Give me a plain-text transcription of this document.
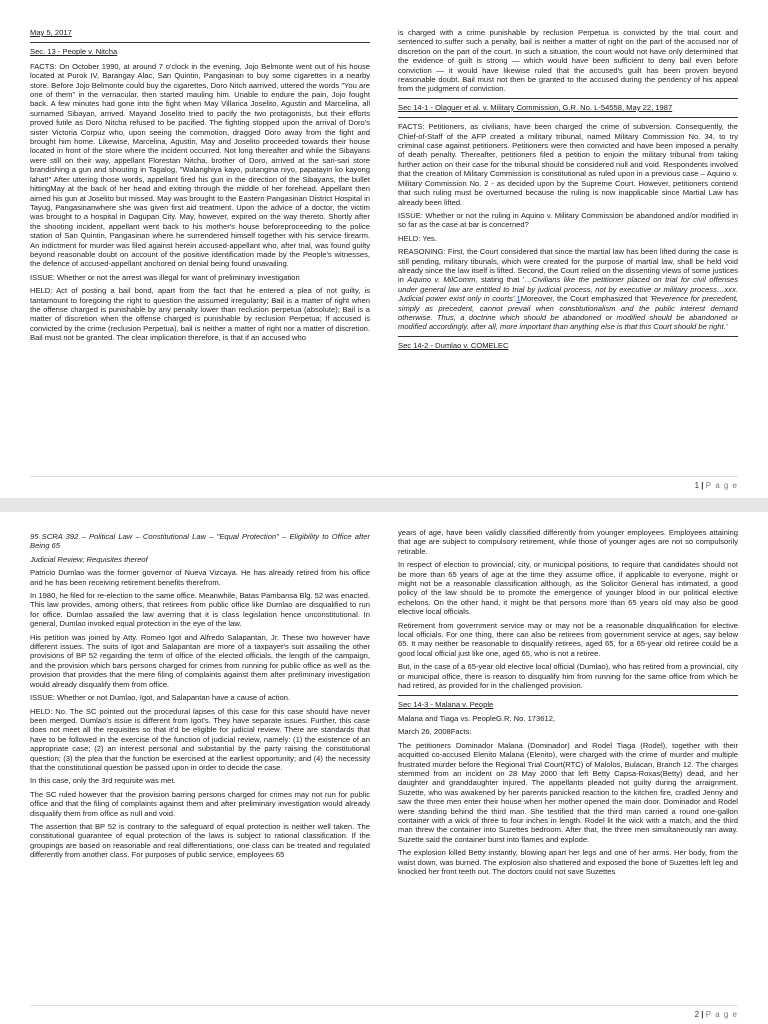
May 5, 2017

Sec. 13 - People v. Nitcha

FACTS: On October 1990, at around 7 o'clock in the evening, Jojo Belmonte went out of his house located at Purok IV, Barangay Alac, San Quintin, Pangasinan to buy some cigarettes in a nearby store. Before Jojo Belmonte could buy the cigarettes, Doro Nitch aarrived, uttered the words "You are one of them" in the vernacular, then started mauling him. Unable to endure the pain, Jojo fought back. A few minutes had gone into the fight when May Villarica Joselito, Agustin and Marcelina, all surnamed Sibayan, arrived. Mayand Joselito tried to pacify the two protagonists, but their efforts proved futile as Doro Nitcha refused to be pacified. The fighting stopped upon the arrival of Doro's sister Victoria Corpuz who, upon seeing the commotion, dragged Doro away from the fight and brought him home. Likewise, Marcelina, Agustin, May and Joselito proceeded towards their house located in front of the store where the incident occurred. Not long thereafter and while the Sibayans were still on their way, appellant Florestan Nitcha, brother of Doro, arrived at the sari-sari store brandishing a gun and shouting in Tagalog, "Walanghiya kayo, putangina niyo, papatayin ko kayong lahat!" After uttering those words, appellant fired his gun in the direction of the Sibayans, the bullet hittingMay at the back of her head and exiting through the middle of her forehead. Appellant then aimed his gun at Joselito but missed. May was brought to the Eastern Pangasinan District Hospital in Tayug, Pangasinanwhere she was given first aid treatment. Upon the advice of a doctor, the victim was brought to a hospital in Dagupan City. May, however, expired on the way thereto. Shortly after the shooting incident, appellant went back to his mother's house beforeproceeding to the police station of San Quintin, Pangasinan where he surrendered himself together with his service firearm. An indictment for murder was filed against herein accused-appellant who, after trial, was found guilty beyond reasonable doubt on account of the positive identification made by the People's witnesses, the defence of accused-appellant anchored on denial being found unavailing.

ISSUE: Whether or not the arrest was illegal for want of preliminary investigation

HELD: Act of posting a bail bond, apart from the fact that he entered a plea of not guilty, is tantamount to foregoing the right to question the assumed irregularity; Bail is a matter of right when the offense charged is punishable by any penalty lower than reclusion perpetua (absolute); Bail is a matter of discretion when the offense charged is punishable by reclusion Perpetua; If accused is convicted by the crime (reclusion Perpetua), bail is neither a matter of right nor a matter of discretion. Bail must not be granted. The clear implication therefore, is that if an accused who

is charged with a crime punishable by reclusion Perpetua is convicted by the trial court and sentenced to suffer such a penalty, bail is neither a matter of right on the part of the accused nor of discretion on the part of the court. In such a situation, the court would not have only determined that the evidence of guilt is strong — which would have been sufficient to deny bail even before conviction — it would have likewise ruled that the accused's guilt has been proven beyond reasonable doubt. Bail must not then be granted to the accused during the pendency of his appeal from the judgment of conviction.

Sec 14-1 - Olaguer et al. v. Military Commission, G.R. No. L-54558, May 22, 1987

FACTS: Petitioners, as civilians, have been charged the crime of subversion. Consequently, the Chief-of-Staff of the AFP created a military tribunal, named Military Commission No. 34, to try criminal case against petitioners. Petitioners were then convicted and have been imposed a penalty of death penalty. Thereafter, petitioners filed a petition to enjoin the military tribunal from taking further action on their case for the tribunal should be considered null and void. Respondents involved that the creation of Military Commission is constitutional as ruled upon in a previous case – Aquino v. Military Commission No. 2 - as decided upon by the Supreme Court. However, petitioners contend that such ruling must be overturned because the ruling is now inapplicable since Martial Law has already been lifted.

ISSUE: Whether or not the ruling in Aquino v. Military Commission be abandoned and/or modified in so far as the case at bar is concerned?

HELD: Yes.

REASONING: First, the Court considered that since the martial law has been lifted during the case is still pending, military tibunals, which were created for the purpose of martial law, shall be held void already since the law itself is lifted. Second, the Court relied on the dissenting views of some justices in Aquino v. MilComm, stating that '…Civilians like the petitioner placed on trial for civil offenses under general law are entitled to trial by judicial process, not by executive or military process…xxx. Judicial power exist only in courts'.1Moreover, the Court emphasized that 'Reverence for precedent, simply as precedent, cannot prevail when constitutionalism and the public interest demand otherwise. Thus, a doctrine which should be abandoned or modified should be abandoned or modified accordingly. after all, more important than anything else is that this Court should be right.'

Sec 14-2 - Dumlao v. COMELEC

1 | P a g e

95 SCRA 392 – Political Law – Constitutional Law – "Equal Protection" – Eligibility to Office after Being 65

Judicial Review; Requisites thereof

Patricio Dumlao was the former governor of Nueva Vizcaya. He has already retired from his office and he has been receiving retirement benefits therefrom.

In 1980, he filed for re-election to the same office. Meanwhile, Batas Pambansa Blg. 52 was enacted. This law provides, among others, that retirees from public office like Dumlao are disqualified to run for office. Dumlao assailed the law averring that it is class legislation hence unconstitutional. In general, Dumlao invoked equal protection in the eye of the law.

His petition was joined by Atty. Romeo Igot and Alfredo Salapantan, Jr. These two however have different issues. The suits of Igot and Salapantan are more of a taxpayer's suit assailing the other provisions of BP 52 regarding the term of office of the elected officials, the length of the campaign, and the provision which bars persons charged for crimes from running for public office as well as the provision that provides that the mere filing of complaints against them after preliminary investigation would already disqualify them from office.

ISSUE: Whether or not Dumlao, Igot, and Salapantan have a cause of action.

HELD: No. The SC pointed out the procedural lapses of this case for this case should have never been merged. Dumlao's issue is different from Igot's. They have separate issues. Further, this case does not meet all the requisites so that it'd be eligible for judicial review. There are standards that have to be followed in the exercise of the function of judicial review, namely: (1) the existence of an appropriate case; (2) an interest personal and substantial by the party raising the constitutional question; (3) the plea that the function be exercised at the earliest opportunity; and (4) the necessity that the constitutional question be passed upon in order to decide the case.

In this case, only the 3rd requisite was met.

The SC ruled however that the provision barring persons charged for crimes may not run for public office and that the filing of complaints against them and after preliminary investigation would already disqualify them from office as null and void.

The assertion that BP 52 is contrary to the safeguard of equal protection is neither well taken. The constitutional guarantee of equal protection of the laws is subject to rational classification. If the groupings are based on reasonable and real differentiations, one class can be treated and regulated differently from another class. For purposes of public service, employees 65

years of age, have been validly classified differently from younger employees. Employees attaining that age are subject to compulsory retirement, while those of younger ages are not so compulsorily retirable.

In respect of election to provincial, city, or municipal positions, to require that candidates should not be more than 65 years of age at the time they assume office, if applicable to everyone, might or might not be a reasonable classification although, as the Solicitor General has intimated, a good policy of the law should be to promote the emergence of younger blood in our political elective echelons. On the other hand, it might be that persons more than 65 years old may also be good elective local officials.

Retirement from government service may or may not be a reasonable disqualification for elective local officials. For one thing, there can also be retirees from government service at ages, say below 65. It may neither be reasonable to disqualify retirees, aged 65, for a 65-year old retiree could be a good local official just like one, aged 65, who is not a retiree.

But, in the case of a 65-year old elective local official (Dumlao), who has retired from a provincial, city or municipal office, there is reason to disqualify him from running for the same office from which he had retired, as provided for in the challenged provision.

Sec 14-3 - Malana v. People

Malana and Tiaga vs. PeopleG.R. No. 173612,

March 26, 2008Facts:

The petitioners Dominador Malana (Dominador) and Rodel Tiaga (Rodel), together with their acquitted co-accused Elenito Malana (Elenito), were charged with the crime of murder and multiple frustrated murder before the Regional Trial Court(RTC) of Malolos, Bulacan, Branch 12. The charges stemmed from an incident on 28 May 2000 that left Betty Capsa-Roxas(Betty) dead, and her daughter and granddaughter injured. The appellants pleaded not guilty during the arraignment. Suzette, who was awakened by her parents panicked reaction to the kitchen fire, cradled Jenny and saw the three men enter their house when her mother opened the main door. Dominador and Rodel were standing behind the third man. She testified that the third man carried a round one-gallon container with a wick of three to four inches in length. Rodel lit the wick with a match, and the third man threw the container into Suzettes bedroom. After that, the three men simultaneously ran away. Suzette said the container burst into flames and explode.

The explosion killed Betty instantly, blowing apart her legs and one of her arms. Her body, from the waist down, was burned. The explosion also shattered and exposed the bone of Suzettes left leg and knocked her front teeth out. The doctors could not save Suzettes

2 | P a g e
